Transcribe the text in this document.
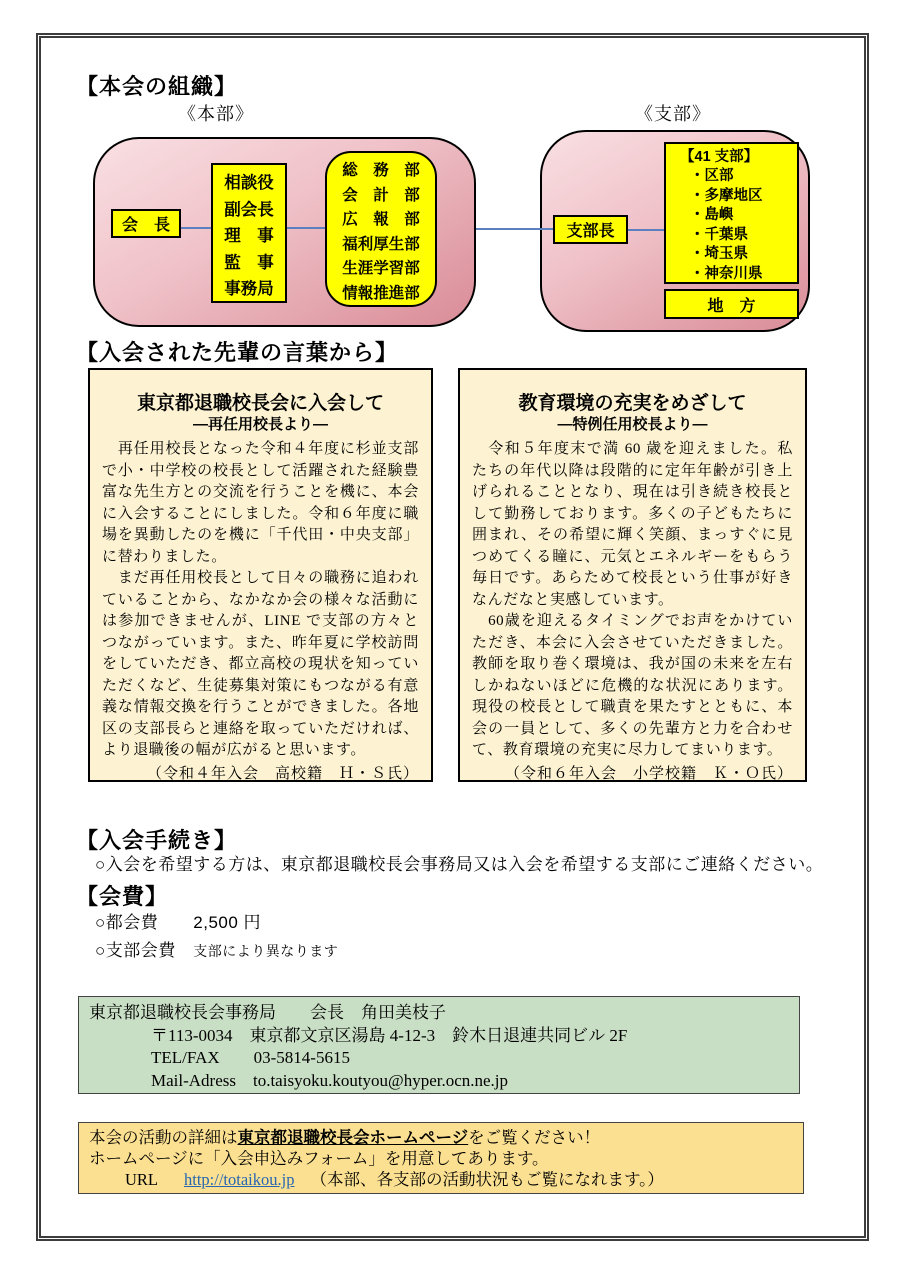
【本会の組織】
《本部》	《支部》
会　長
相談役
副会長
理　事
監　事
事務局
総　務　部
会　計　部
広　報　部
福利厚生部
生涯学習部
情報推進部
支部長
【41 支部】
・区部
・多摩地区
・島嶼
・千葉県
・埼玉県
・神奈川県
地　方
【入会された先輩の言葉から】
東京都退職校長会に入会して
―再任用校長より―

　再任用校長となった令和４年度に杉並支部で小・中学校の校長として活躍された経験豊富な先生方との交流を行うことを機に、本会に入会することにしました。令和６年度に職場を異動したのを機に「千代田・中央支部」に替わりました。

　まだ再任用校長として日々の職務に追われていることから、なかなか会の様々な活動には参加できませんが、LINE で支部の方々とつながっています。また、昨年夏に学校訪問をしていただき、都立高校の現状を知っていただくなど、生徒募集対策にもつながる有意義な情報交換を行うことができました。各地区の支部長らと連絡を取っていただければ、より退職後の幅が広がると思います。

（令和４年入会　高校籍　Ｈ・Ｓ氏）
教育環境の充実をめざして
―特例任用校長より―

　令和５年度末で満 60 歳を迎えました。私たちの年代以降は段階的に定年年齢が引き上げられることとなり、現在は引き続き校長として勤務しております。多くの子どもたちに囲まれ、その希望に輝く笑顔、まっすぐに見つめてくる瞳に、元気とエネルギーをもらう毎日です。あらためて校長という仕事が好きなんだなと実感しています。

　60歳を迎えるタイミングでお声をかけていただき、本会に入会させていただきました。教師を取り巻く環境は、我が国の未来を左右しかねないほどに危機的な状況にあります。現役の校長として職責を果たすとともに、本会の一員として、多くの先輩方と力を合わせて、教育環境の充実に尽力してまいります。

（令和６年入会　小学校籍　Ｋ・Ｏ氏）
【入会手続き】
○入会を希望する方は、東京都退職校長会事務局又は入会を希望する支部にご連絡ください。
【会費】
○都会費　　2,500 円
○支部会費　支部により異なります
東京都退職校長会事務局　　会長　角田美枝子
〒113-0034　東京都文京区湯島 4-12-3　鈴木日退連共同ビル 2F
TEL/FAX　　03-5814-5615
Mail-Adress　to.taisyoku.koutyou@hyper.ocn.ne.jp
本会の活動の詳細は東京都退職校長会ホームページをご覧ください！
ホームページに「入会申込みフォーム」を用意してあります。
URL http://totaikou.jp （本部、各支部の活動状況もご覧になれます。）
